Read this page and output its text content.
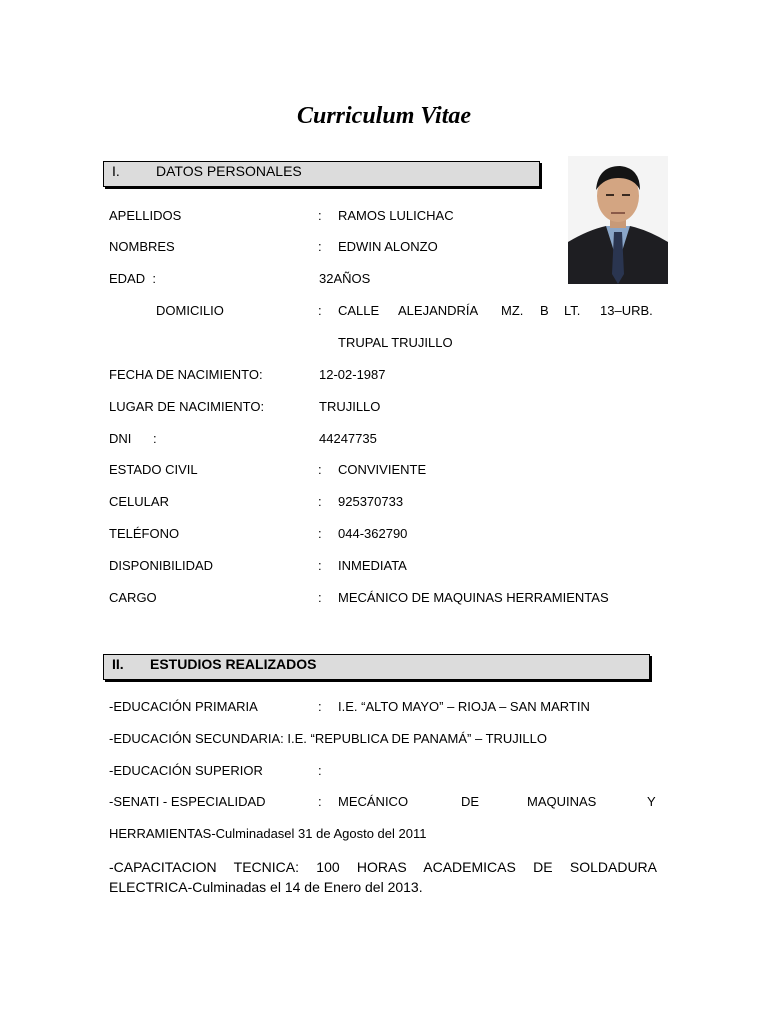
Curriculum Vitae
I.	DATOS PERSONALES
APELLIDOS	: RAMOS LULICHAC
NOMBRES	: EDWIN ALONZO
EDAD  :	32AÑOS
DOMICILIO	: CALLE ALEJANDRÍA MZ. B LT. 13–URB.
TRUPAL TRUJILLO
FECHA DE NACIMIENTO:	12-02-1987
LUGAR DE NACIMIENTO:	TRUJILLO
DNI      :	44247735
ESTADO CIVIL	: CONVIVIENTE
CELULAR	: 925370733
TELÉFONO	: 044-362790
DISPONIBILIDAD	: INMEDIATA
CARGO	: MECÁNICO DE MAQUINAS HERRAMIENTAS
II. ESTUDIOS REALIZADOS
-EDUCACIÓN PRIMARIA	: I.E. “ALTO MAYO” – RIOJA – SAN MARTIN
-EDUCACIÓN SECUNDARIA: I.E. “REPUBLICA DE PANAMÁ” – TRUJILLO
-EDUCACIÓN SUPERIOR	:
-SENATI - ESPECIALIDAD	: MECÁNICO	DE	MAQUINAS	Y
HERRAMIENTAS-Culminadasel 31 de Agosto del 2011
-CAPACITACION TECNICA: 100 HORAS ACADEMICAS DE SOLDADURA ELECTRICA-Culminadas el 14 de Enero del 2013.
